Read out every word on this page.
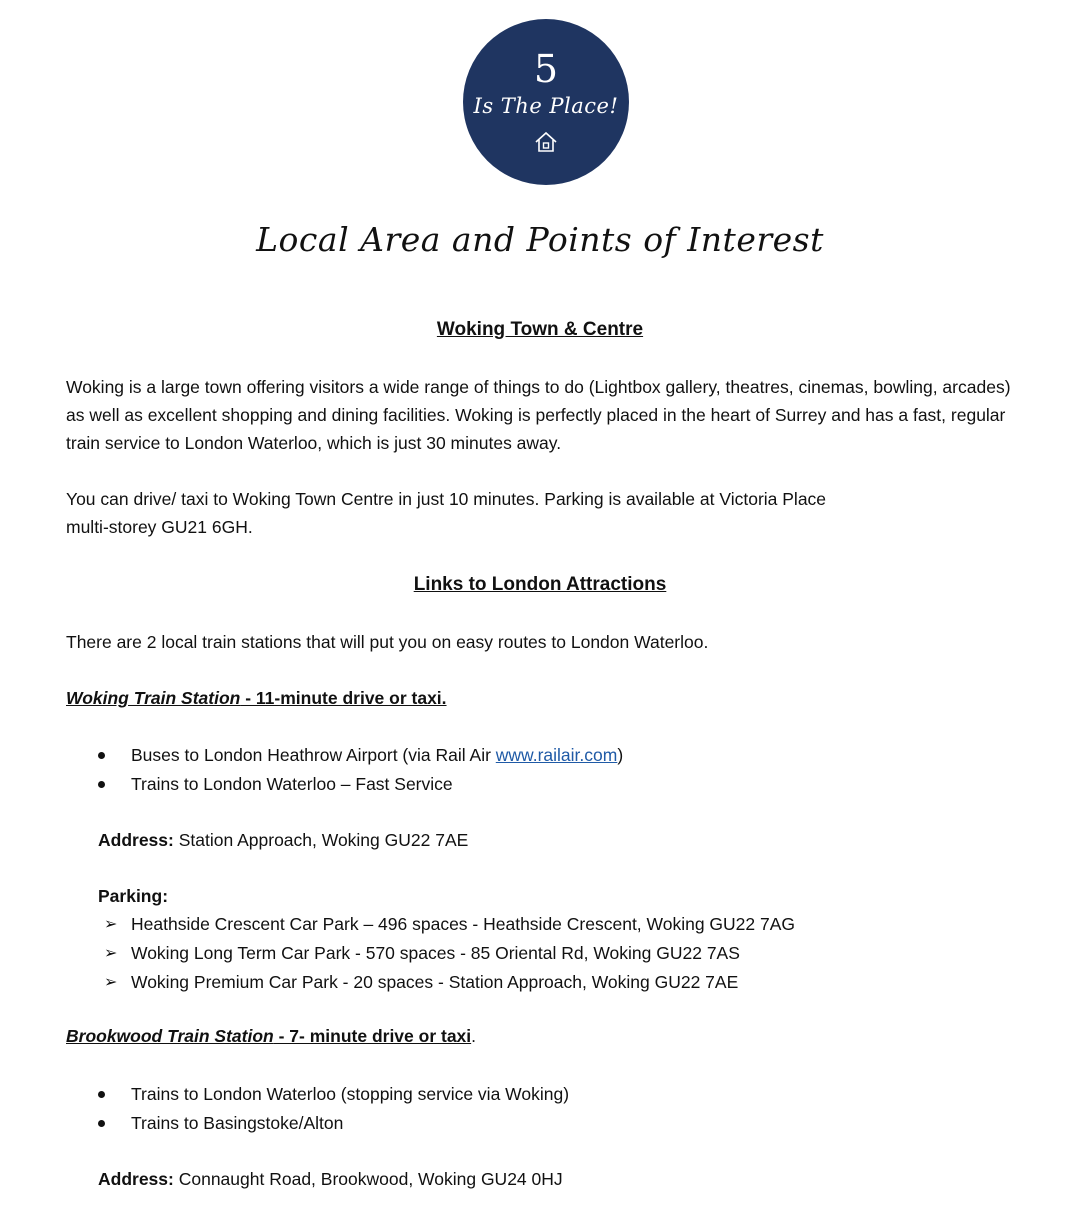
5
Is The Place!
Local Area and Points of Interest
Woking Town & Centre

Woking is a large town offering visitors a wide range of things to do (Lightbox gallery, theatres, cinemas, bowling, arcades) as well as excellent shopping and dining facilities. Woking is perfectly placed in the heart of Surrey and has a fast, regular train service to London Waterloo, which is just 30 minutes away.

You can drive/ taxi to Woking Town Centre in just 10 minutes. Parking is available at Victoria Place
multi-storey GU21 6GH.
Links to London Attractions
There are 2 local train stations that will put you on easy routes to London Waterloo.
Woking Train Station - 11-minute drive or taxi.
Buses to London Heathrow Airport (via Rail Air www.railair.com)
Trains to London Waterloo – Fast Service
Address: Station Approach, Woking GU22 7AE
Parking:
➢ Heathside Crescent Car Park – 496 spaces - Heathside Crescent, Woking GU22 7AG
➢ Woking Long Term Car Park - 570 spaces - 85 Oriental Rd, Woking GU22 7AS
➢ Woking Premium Car Park - 20 spaces - Station Approach, Woking GU22 7AE
Brookwood Train Station - 7- minute drive or taxi.
Trains to London Waterloo (stopping service via Woking)
Trains to Basingstoke/Alton
Address: Connaught Road, Brookwood, Woking GU24 0HJ
